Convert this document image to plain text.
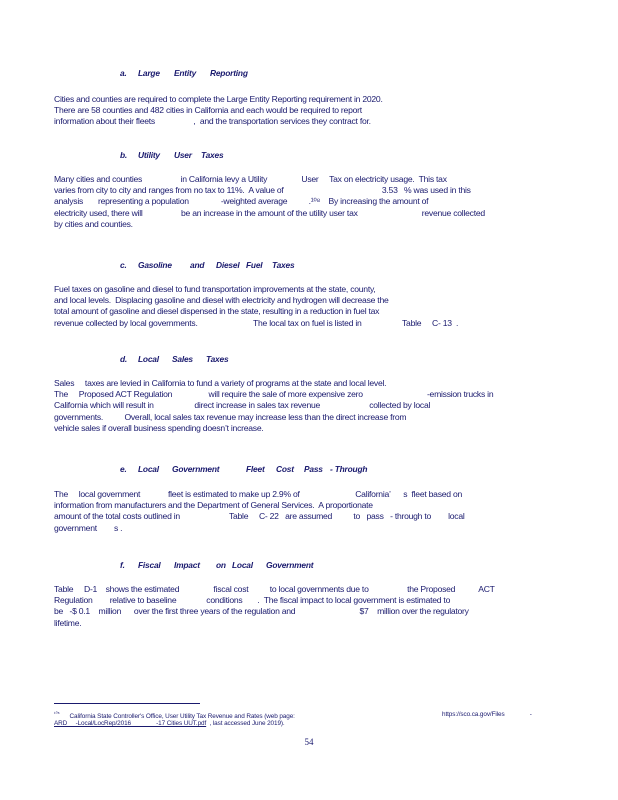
a. Large Entity Reporting
Cities and counties are required to complete the Large Entity Reporting requirement in 2020.
There are 58 counties and 482 cities in California and each would be required to report
information about their fleets                  ,  and the transportation services they contract for.
b. Utility User Taxes
Many cities and counties                  in California levy a Utility                User     Tax on electricity usage.  This tax
varies from city to city and ranges from no tax to 11%.  A value of                                              3.53   % was used in this
analysis       representing a population               -weighted average          .¹⁰⁸    By increasing the amount of
electricity used, there will                  be an increase in the amount of the utility user tax                              revenue collected
by cities and counties.
c. Gasoline and Diesel Fuel Taxes
Fuel taxes on gasoline and diesel to fund transportation improvements at the state, county,
and local levels.  Displacing gasoline and diesel with electricity and hydrogen will decrease the
total amount of gasoline and diesel dispensed in the state, resulting in a reduction in fuel tax
revenue collected by local governments.                          The local tax on fuel is listed in                   Table     C- 13  .
d. Local Sales Taxes
Sales     taxes are levied in California to fund a variety of programs at the state and local level.
The     Proposed ACT Regulation                 will require the sale of more expensive zero                              -emission trucks in
California which will result in                   direct increase in sales tax revenue                       collected by local
governments.          Overall, local sales tax revenue may increase less than the direct increase from
vehicle sales if overall business spending doesn’t increase.
e. Local Government	Fleet Cost Pass - Through
The     local government             fleet is estimated to make up 2.9% of                          California’      s  fleet based on
information from manufacturers and the Department of General Services.  A proportionate
amount of the total costs outlined in                       Table     C- 22   are assumed          to   pass   - through to        local
government        s .
f. Fiscal Impact on Local Government
Table     D-1    shows the estimated                fiscal cost          to local governments due to                  the Proposed           ACT
Regulation        relative to baseline              conditions       .  The fiscal impact to local government is estimated to
be   -$ 0.1    million      over the first three years of the regulation and                              $7    million over the regulatory
lifetime.
$^{^{108}}$ California State Controller's Office, User Utility Tax Revenue and Rates (web page:	https://sco.ca.gov/Files               -
ARD     -Local/LocRep/2016               -17 Cities UUT.pdf  , last accessed June 2019).
54
